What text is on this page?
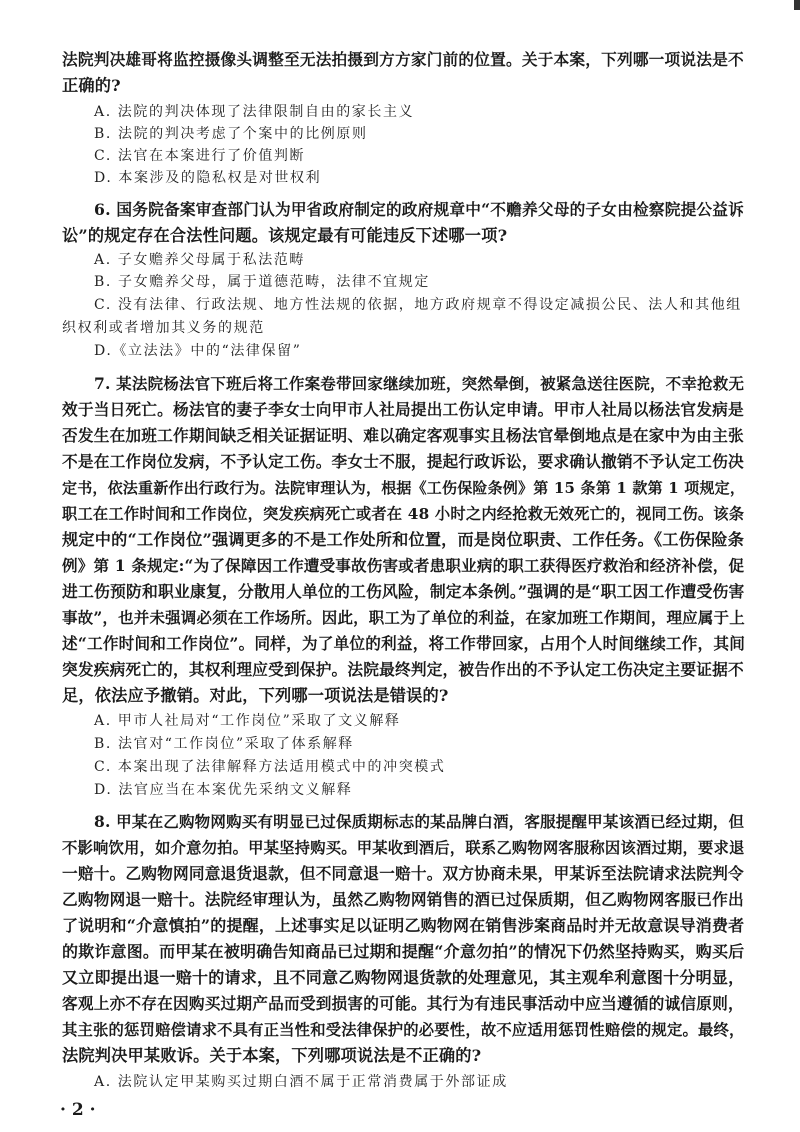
法院判决雄哥将监控摄像头调整至无法拍摄到方方家门前的位置。关于本案，下列哪一项说法是不
正确的?
A. 法院的判决体现了法律限制自由的家长主义
B. 法院的判决考虑了个案中的比例原则
C. 法官在本案进行了价值判断
D. 本案涉及的隐私权是对世权利
6. 国务院备案审查部门认为甲省政府制定的政府规章中“不赡养父母的子女由检察院提公益诉
讼”的规定存在合法性问题。该规定最有可能违反下述哪一项?
A. 子女赡养父母属于私法范畴
B. 子女赡养父母，属于道德范畴，法律不宜规定
C. 没有法律、行政法规、地方性法规的依据，地方政府规章不得设定减损公民、法人和其他组
织权利或者增加其义务的规范
D.《立法法》中的“法律保留”
7. 某法院杨法官下班后将工作案卷带回家继续加班，突然晕倒，被紧急送往医院，不幸抢救无
效于当日死亡。杨法官的妻子李女士向甲市人社局提出工伤认定申请。甲市人社局以杨法官发病是
否发生在加班工作期间缺乏相关证据证明、难以确定客观事实且杨法官晕倒地点是在家中为由主张
不是在工作岗位发病，不予认定工伤。李女士不服，提起行政诉讼，要求确认撤销不予认定工伤决
定书，依法重新作出行政行为。法院审理认为，根据《工伤保险条例》第 15 条第 1 款第 1 项规定，
职工在工作时间和工作岗位，突发疾病死亡或者在 48 小时之内经抢救无效死亡的，视同工伤。该条
规定中的“工作岗位”强调更多的不是工作处所和位置，而是岗位职责、工作任务。《工伤保险条
例》第 1 条规定:“为了保障因工作遭受事故伤害或者患职业病的职工获得医疗救治和经济补偿，促
进工伤预防和职业康复，分散用人单位的工伤风险，制定本条例。”强调的是“职工因工作遭受伤害
事故”，也并未强调必须在工作场所。因此，职工为了单位的利益，在家加班工作期间，理应属于上
述“工作时间和工作岗位”。同样，为了单位的利益，将工作带回家，占用个人时间继续工作，其间
突发疾病死亡的，其权利理应受到保护。法院最终判定，被告作出的不予认定工伤决定主要证据不
足，依法应予撤销。对此，下列哪一项说法是错误的?
A. 甲市人社局对“工作岗位”采取了文义解释
B. 法官对“工作岗位”采取了体系解释
C. 本案出现了法律解释方法适用模式中的冲突模式
D. 法官应当在本案优先采纳文义解释
8. 甲某在乙购物网购买有明显已过保质期标志的某品牌白酒，客服提醒甲某该酒已经过期，但
不影响饮用，如介意勿拍。甲某坚持购买。甲某收到酒后，联系乙购物网客服称因该酒过期，要求退
一赔十。乙购物网同意退货退款，但不同意退一赔十。双方协商未果，甲某诉至法院请求法院判令
乙购物网退一赔十。法院经审理认为，虽然乙购物网销售的酒已过保质期，但乙购物网客服已作出
了说明和“介意慎拍”的提醒，上述事实足以证明乙购物网在销售涉案商品时并无故意误导消费者
的欺诈意图。而甲某在被明确告知商品已过期和提醒“介意勿拍”的情况下仍然坚持购买，购买后
又立即提出退一赔十的请求，且不同意乙购物网退货款的处理意见，其主观牟利意图十分明显，
客观上亦不存在因购买过期产品而受到损害的可能。其行为有违民事活动中应当遵循的诚信原则，
其主张的惩罚赔偿请求不具有正当性和受法律保护的必要性，故不应适用惩罚性赔偿的规定。最终，
法院判决甲某败诉。关于本案，下列哪项说法是不正确的?
A. 法院认定甲某购买过期白酒不属于正常消费属于外部证成
· 2 ·
